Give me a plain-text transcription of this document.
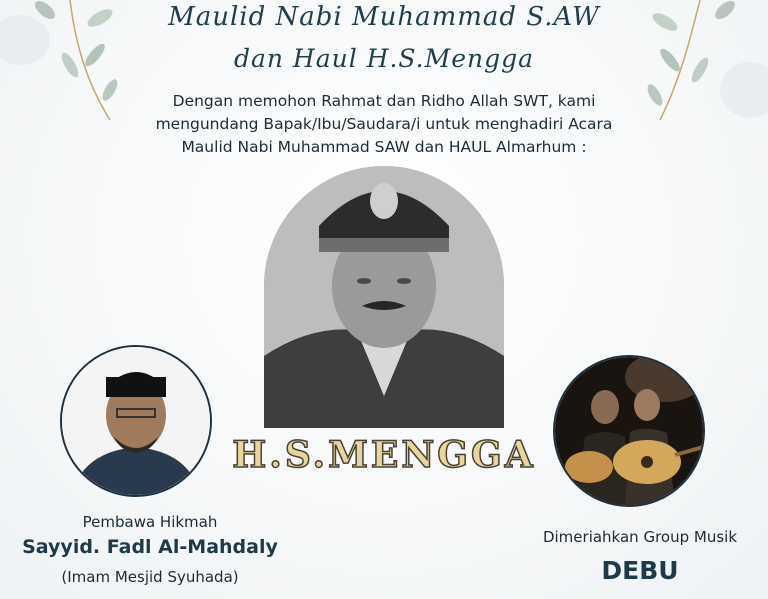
Maulid Nabi Muhammad S.AW
dan Haul H.S.Mengga
Dengan memohon Rahmat dan Ridho Allah SWT, kami
mengundang Bapak/Ibu/Saudara/i untuk menghadiri Acara
Maulid Nabi Muhammad SAW dan HAUL Almarhum :
H.S.MENGGA
Pembawa Hikmah
Sayyid. Fadl Al-Mahdaly
(Imam Mesjid Syuhada)
Dimeriahkan Group Musik
DEBU
